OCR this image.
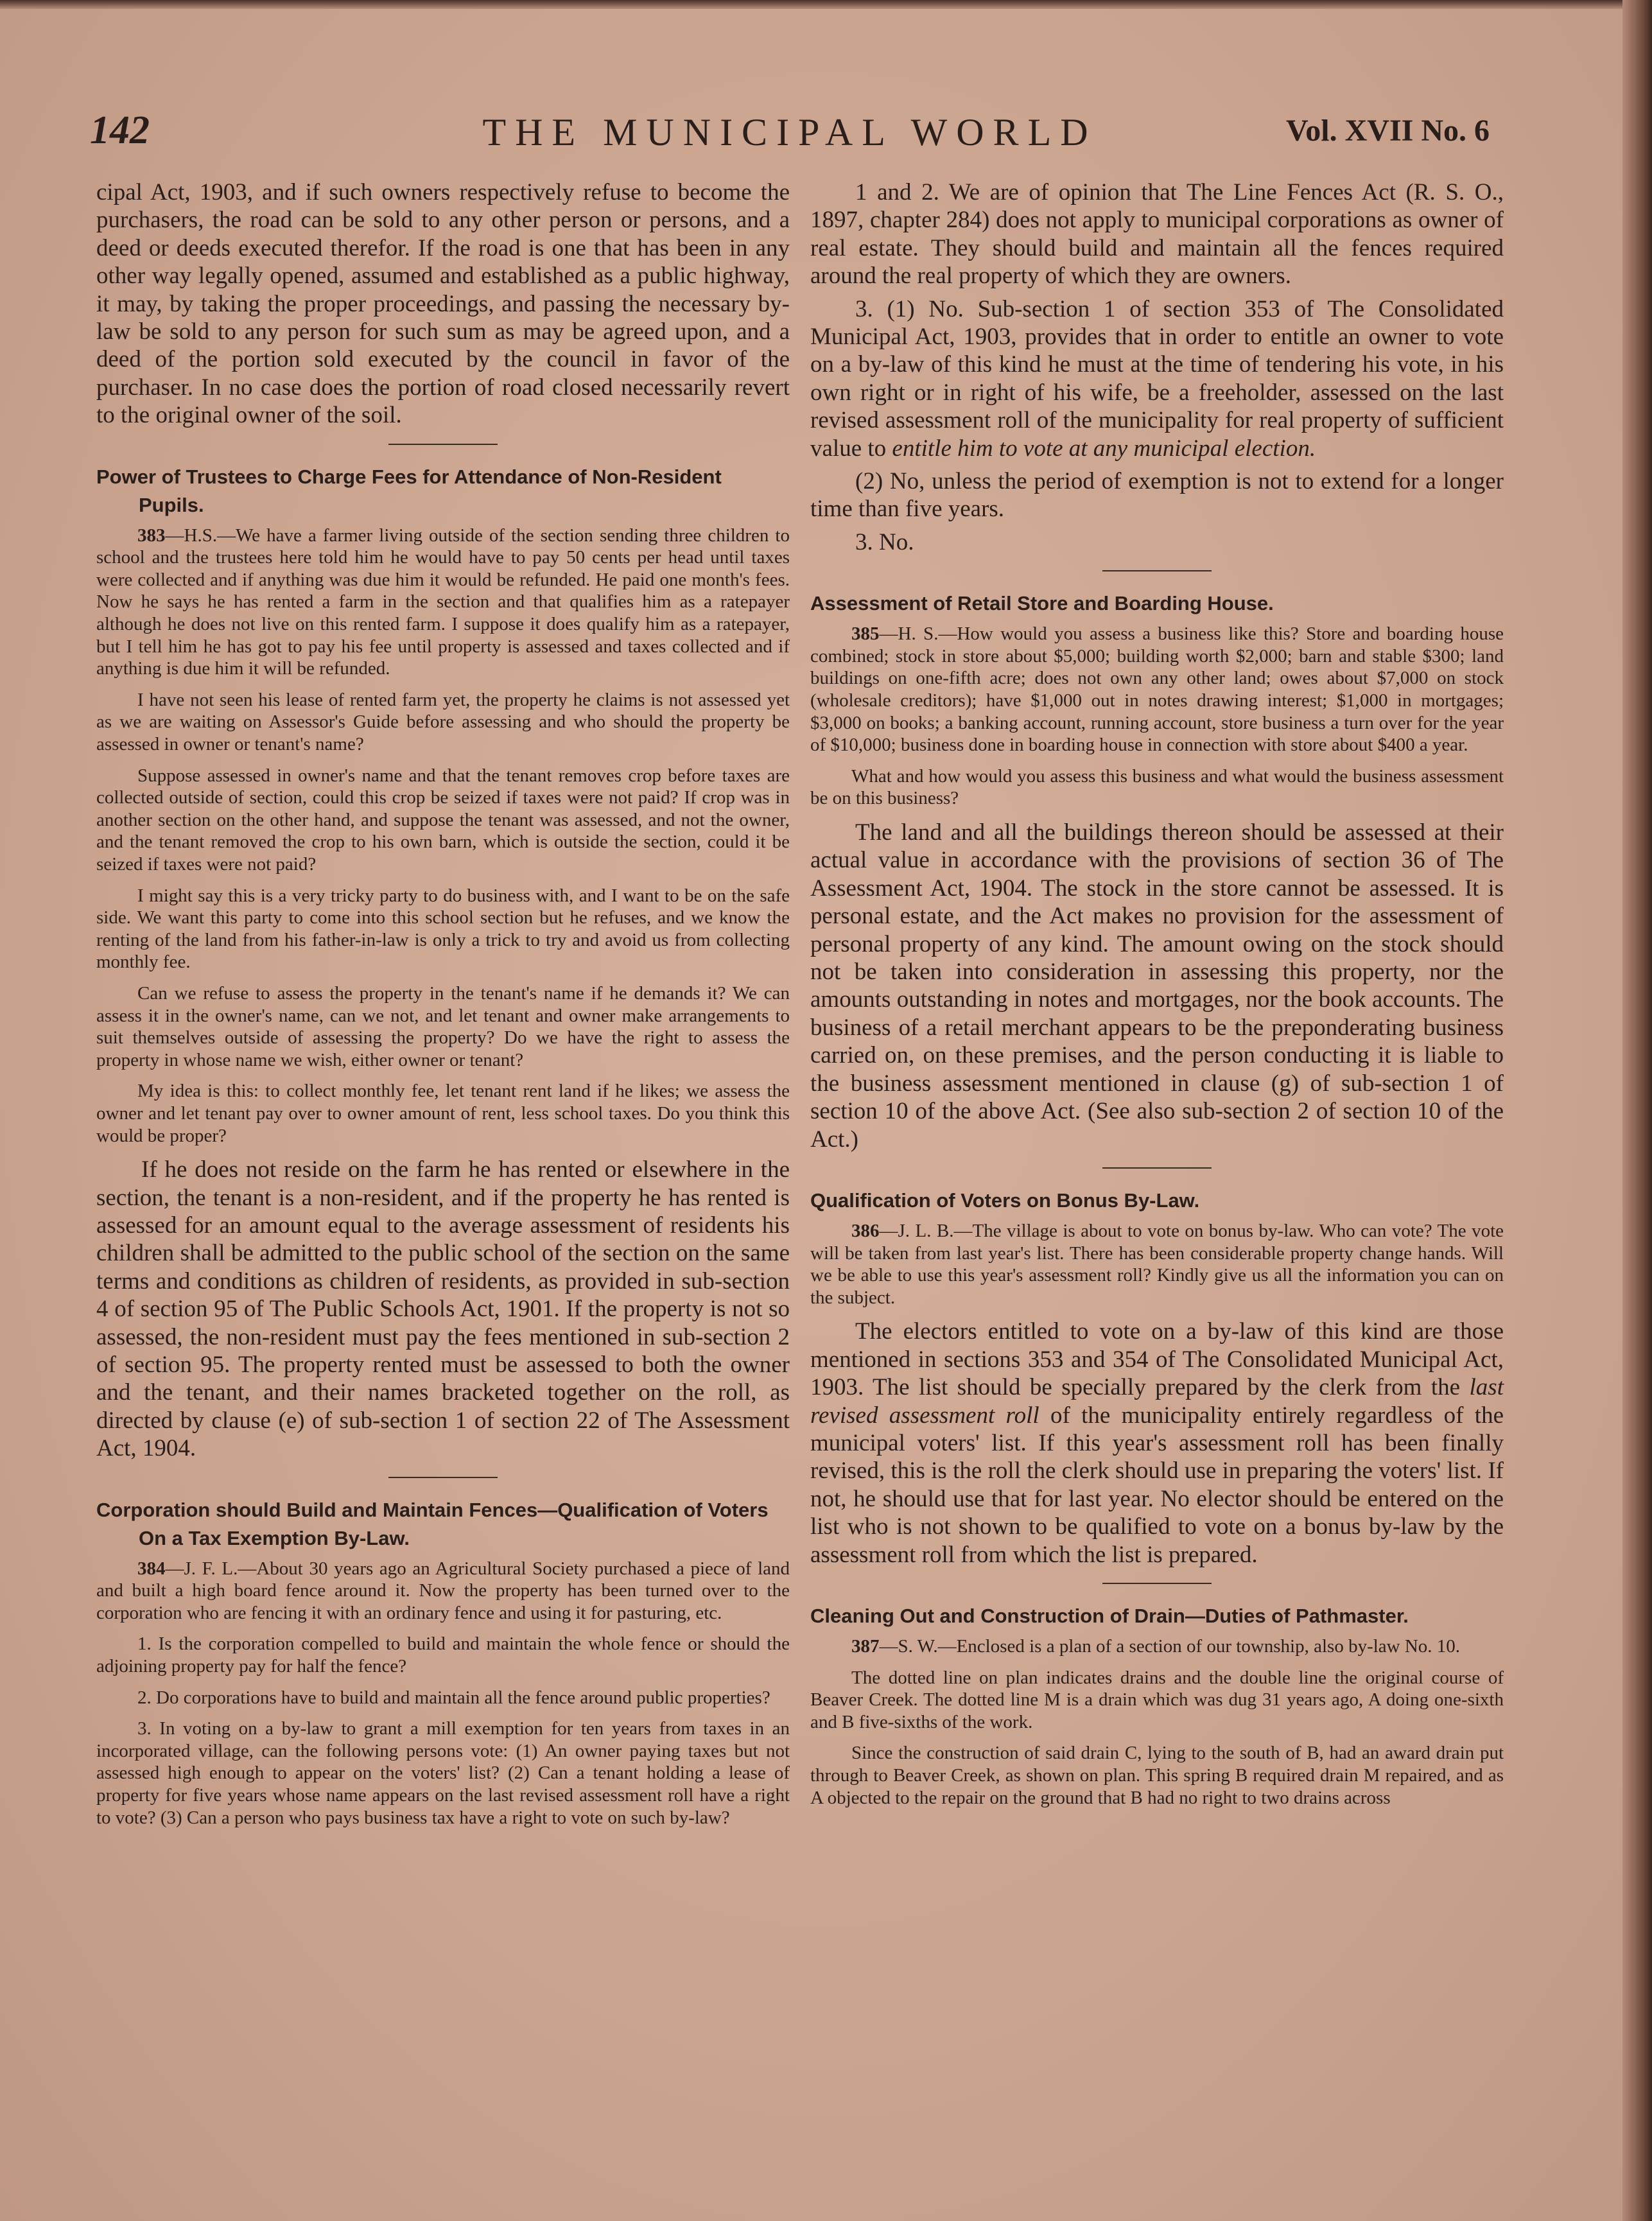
142	THE MUNICIPAL WORLD	Vol. XVII No. 6

cipal Act, 1903, and if such owners respectively refuse to become the purchasers, the road can be sold to any other person or persons, and a deed or deeds executed therefor. If the road is one that has been in any other way legally opened, assumed and established as a public highway, it may, by taking the proper proceedings, and passing the necessary by-law be sold to any person for such sum as may be agreed upon, and a deed of the portion sold executed by the council in favor of the purchaser. In no case does the portion of road closed necessarily revert to the original owner of the soil.

Power of Trustees to Charge Fees for Attendance of Non-Resident Pupils.

383—H.S.—We have a farmer living outside of the section sending three children to school and the trustees here told him he would have to pay 50 cents per head until taxes were collected and if anything was due him it would be refunded. He paid one month's fees. Now he says he has rented a farm in the section and that qualifies him as a ratepayer although he does not live on this rented farm. I suppose it does qualify him as a ratepayer, but I tell him he has got to pay his fee until property is assessed and taxes collected and if anything is due him it will be refunded.

I have not seen his lease of rented farm yet, the property he claims is not assessed yet as we are waiting on Assessor's Guide before assessing and who should the property be assessed in owner or tenant's name?

Suppose assessed in owner's name and that the tenant removes crop before taxes are collected outside of section, could this crop be seized if taxes were not paid? If crop was in another section on the other hand, and suppose the tenant was assessed, and not the owner, and the tenant removed the crop to his own barn, which is outside the section, could it be seized if taxes were not paid?

I might say this is a very tricky party to do business with, and I want to be on the safe side. We want this party to come into this school section but he refuses, and we know the renting of the land from his father-in-law is only a trick to try and avoid us from collecting monthly fee.

Can we refuse to assess the property in the tenant's name if he demands it? We can assess it in the owner's name, can we not, and let tenant and owner make arrangements to suit themselves outside of assessing the property? Do we have the right to assess the property in whose name we wish, either owner or tenant?

My idea is this: to collect monthly fee, let tenant rent land if he likes; we assess the owner and let tenant pay over to owner amount of rent, less school taxes. Do you think this would be proper?

If he does not reside on the farm he has rented or elsewhere in the section, the tenant is a non-resident, and if the property he has rented is assessed for an amount equal to the average assessment of residents his children shall be admitted to the public school of the section on the same terms and conditions as children of residents, as provided in sub-section 4 of section 95 of The Public Schools Act, 1901. If the property is not so assessed, the non-resident must pay the fees mentioned in sub-section 2 of section 95. The property rented must be assessed to both the owner and the tenant, and their names bracketed together on the roll, as directed by clause (e) of sub-section 1 of section 22 of The Assessment Act, 1904.

Corporation should Build and Maintain Fences—Qualification of Voters On a Tax Exemption By-Law.

384—J. F. L.—About 30 years ago an Agricultural Society purchased a piece of land and built a high board fence around it. Now the property has been turned over to the corporation who are fencing it with an ordinary fence and using it for pasturing, etc.

1. Is the corporation compelled to build and maintain the whole fence or should the adjoining property pay for half the fence?

2. Do corporations have to build and maintain all the fence around public properties?

3. In voting on a by-law to grant a mill exemption for ten years from taxes in an incorporated village, can the following persons vote: (1) An owner paying taxes but not assessed high enough to appear on the voters' list? (2) Can a tenant holding a lease of property for five years whose name appears on the last revised assessment roll have a right to vote? (3) Can a person who pays business tax have a right to vote on such by-law?

1 and 2. We are of opinion that The Line Fences Act (R. S. O., 1897, chapter 284) does not apply to municipal corporations as owner of real estate. They should build and maintain all the fences required around the real property of which they are owners.

3. (1) No. Sub-section 1 of section 353 of The Consolidated Municipal Act, 1903, provides that in order to entitle an owner to vote on a by-law of this kind he must at the time of tendering his vote, in his own right or in right of his wife, be a freeholder, assessed on the last revised assessment roll of the municipality for real property of sufficient value to entitle him to vote at any municipal election.

(2) No, unless the period of exemption is not to extend for a longer time than five years.

3. No.

Assessment of Retail Store and Boarding House.

385—H. S.—How would you assess a business like this? Store and boarding house combined; stock in store about $5,000; building worth $2,000; barn and stable $300; land buildings on one-fifth acre; does not own any other land; owes about $7,000 on stock (wholesale creditors); have $1,000 out in notes drawing interest; $1,000 in mortgages; $3,000 on books; a banking account, running account, store business a turn over for the year of $10,000; business done in boarding house in connection with store about $400 a year.

What and how would you assess this business and what would the business assessment be on this business?

The land and all the buildings thereon should be assessed at their actual value in accordance with the provisions of section 36 of The Assessment Act, 1904. The stock in the store cannot be assessed. It is personal estate, and the Act makes no provision for the assessment of personal property of any kind. The amount owing on the stock should not be taken into consideration in assessing this property, nor the amounts outstanding in notes and mortgages, nor the book accounts. The business of a retail merchant appears to be the preponderating business carried on, on these premises, and the person conducting it is liable to the business assessment mentioned in clause (g) of sub-section 1 of section 10 of the above Act. (See also sub-section 2 of section 10 of the Act.)

Qualification of Voters on Bonus By-Law.

386—J. L. B.—The village is about to vote on bonus by-law. Who can vote? The vote will be taken from last year's list. There has been considerable property change hands. Will we be able to use this year's assessment roll? Kindly give us all the information you can on the subject.

The electors entitled to vote on a by-law of this kind are those mentioned in sections 353 and 354 of The Consolidated Municipal Act, 1903. The list should be specially prepared by the clerk from the last revised assessment roll of the municipality entirely regardless of the municipal voters' list. If this year's assessment roll has been finally revised, this is the roll the clerk should use in preparing the voters' list. If not, he should use that for last year. No elector should be entered on the list who is not shown to be qualified to vote on a bonus by-law by the assessment roll from which the list is prepared.

Cleaning Out and Construction of Drain—Duties of Pathmaster.

387—S. W.—Enclosed is a plan of a section of our township, also by-law No. 10.

The dotted line on plan indicates drains and the double line the original course of Beaver Creek. The dotted line M is a drain which was dug 31 years ago, A doing one-sixth and B five-sixths of the work.

Since the construction of said drain C, lying to the south of B, had an award drain put through to Beaver Creek, as shown on plan. This spring B required drain M repaired, and as A objected to the repair on the ground that B had no right to two drains across
